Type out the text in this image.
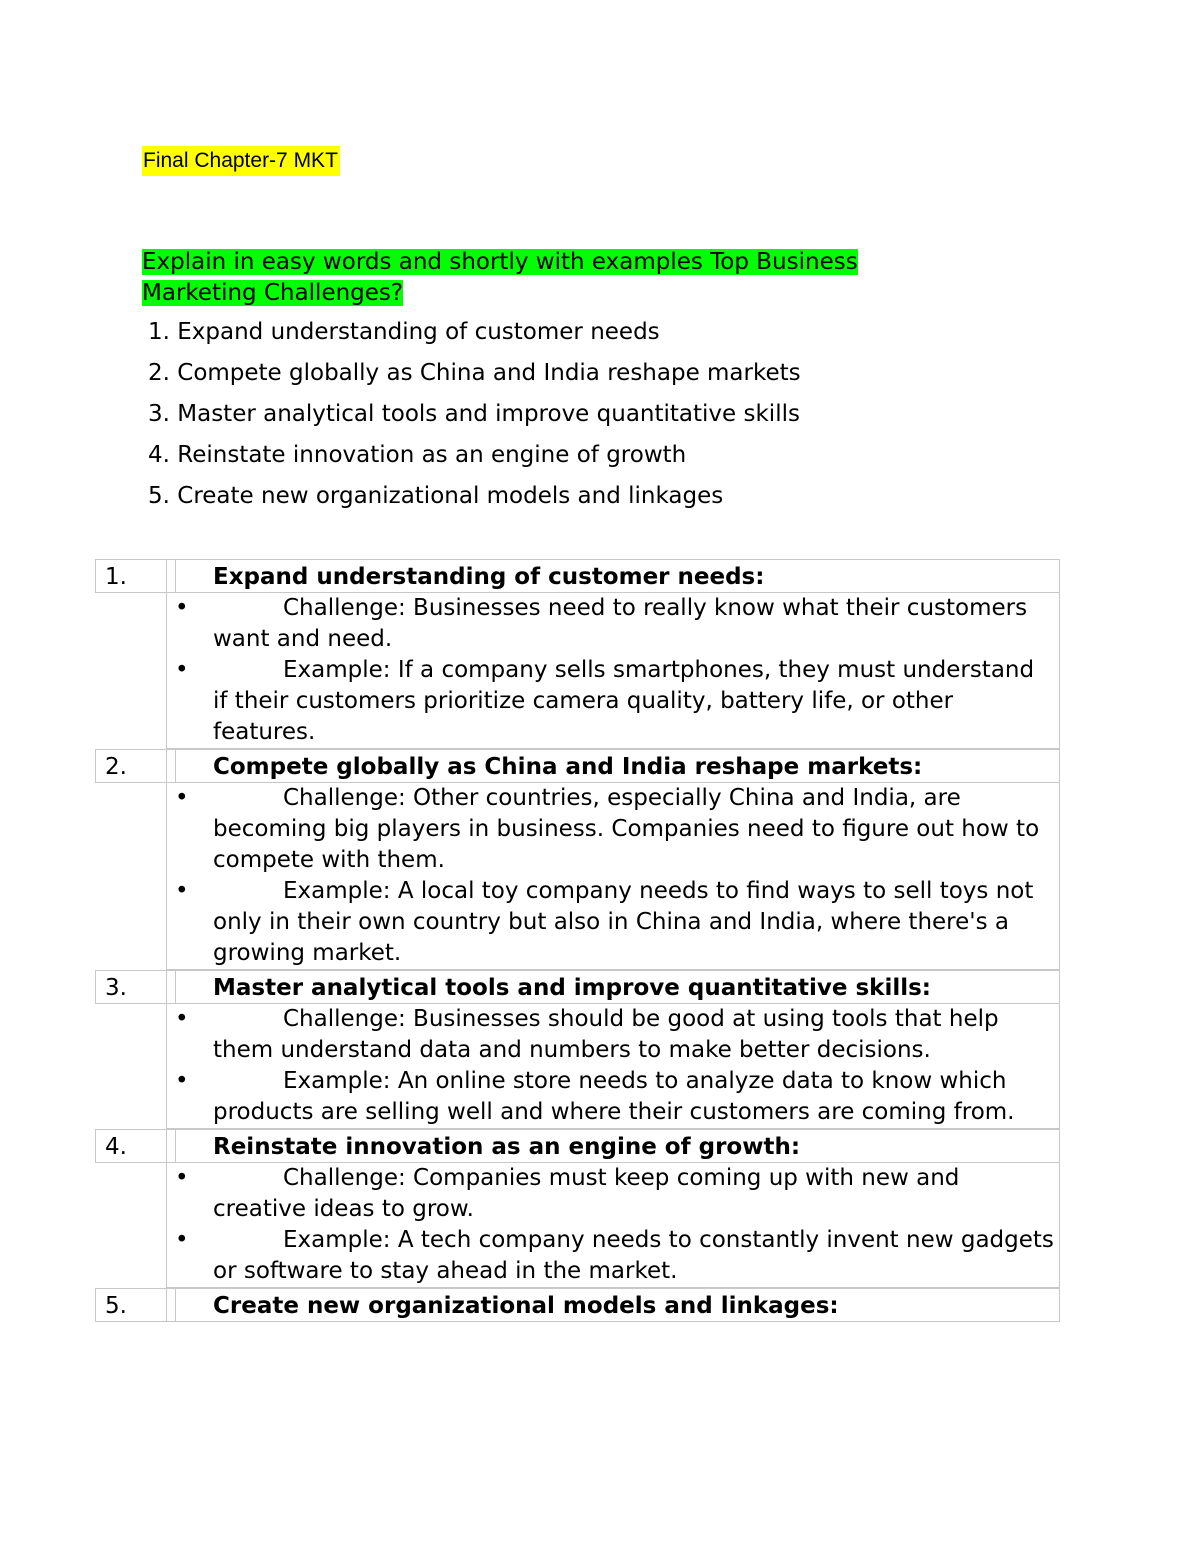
Final Chapter-7 MKT
Explain in easy words and shortly with examples Top Business Marketing Challenges?
1. Expand understanding of customer needs
2. Compete globally as China and India reshape markets
3. Master analytical tools and improve quantitative skills
4. Reinstate innovation as an engine of growth
5. Create new organizational models and linkages
1.	Expand understanding of customer needs:
•	Challenge: Businesses need to really know what their customers want and need.
•	Example: If a company sells smartphones, they must understand if their customers prioritize camera quality, battery life, or other features.
2.	Compete globally as China and India reshape markets:
•	Challenge: Other countries, especially China and India, are becoming big players in business. Companies need to figure out how to compete with them.
•	Example: A local toy company needs to find ways to sell toys not only in their own country but also in China and India, where there's a growing market.
3.	Master analytical tools and improve quantitative skills:
•	Challenge: Businesses should be good at using tools that help them understand data and numbers to make better decisions.
•	Example: An online store needs to analyze data to know which products are selling well and where their customers are coming from.
4.	Reinstate innovation as an engine of growth:
•	Challenge: Companies must keep coming up with new and creative ideas to grow.
•	Example: A tech company needs to constantly invent new gadgets or software to stay ahead in the market.
5.	Create new organizational models and linkages:
